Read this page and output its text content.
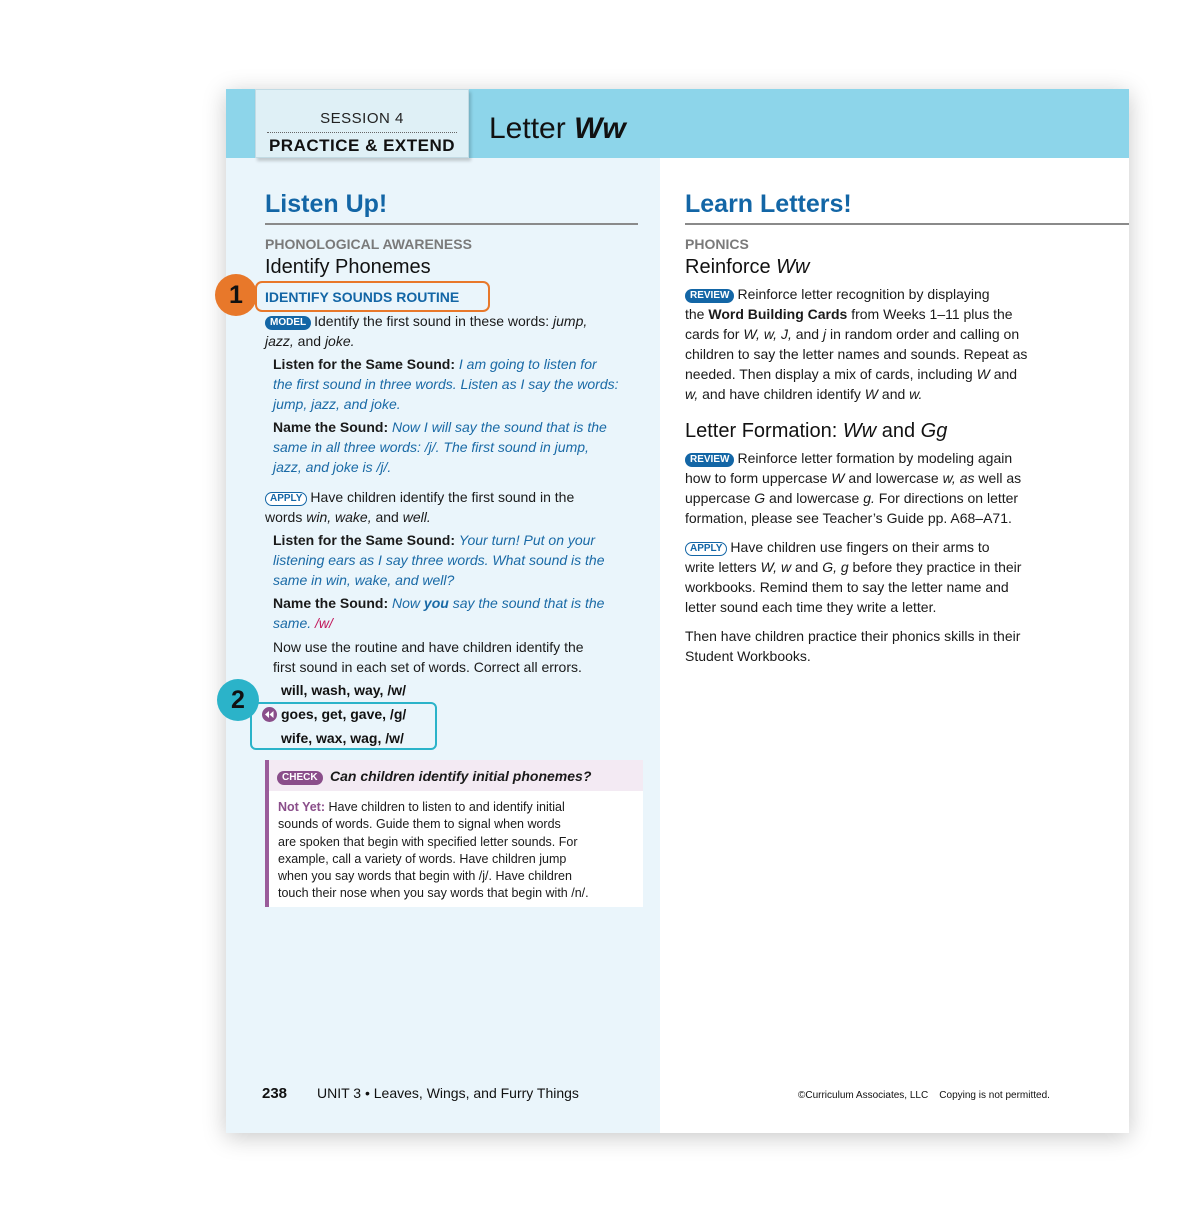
SESSION 4
PRACTICE & EXTEND
Letter Ww
Listen Up!
PHONOLOGICAL AWARENESS
Identify Phonemes
1	IDENTIFY SOUNDS ROUTINE
MODEL Identify the first sound in these words: jump,
jazz, and joke.
Listen for the Same Sound: I am going to listen for
the first sound in three words. Listen as I say the words:
jump, jazz, and joke.
Name the Sound: Now I will say the sound that is the
same in all three words: /j/. The first sound in jump,
jazz, and joke is /j/.
APPLY Have children identify the first sound in the
words win, wake, and well.
Listen for the Same Sound: Your turn! Put on your
listening ears as I say three words. What sound is the
same in win, wake, and well?
Name the Sound: Now you say the sound that is the
same. /w/
Now use the routine and have children identify the
first sound in each set of words. Correct all errors.
will, wash, way, /w/
2	goes, get, gave, /g/
wife, wax, wag, /w/
CHECK Can children identify initial phonemes?
Not Yet: Have children to listen to and identify initial
sounds of words. Guide them to signal when words
are spoken that begin with specified letter sounds. For
example, call a variety of words. Have children jump
when you say words that begin with /j/. Have children
touch their nose when you say words that begin with /n/.
Learn Letters!
PHONICS
Reinforce Ww
REVIEW Reinforce letter recognition by displaying
the Word Building Cards from Weeks 1–11 plus the
cards for W, w, J, and j in random order and calling on
children to say the letter names and sounds. Repeat as
needed. Then display a mix of cards, including W and
w, and have children identify W and w.
Letter Formation: Ww and Gg
REVIEW Reinforce letter formation by modeling again
how to form uppercase W and lowercase w, as well as
uppercase G and lowercase g. For directions on letter
formation, please see Teacher’s Guide pp. A68–A71.
APPLY Have children use fingers on their arms to
write letters W, w and G, g before they practice in their
workbooks. Remind them to say the letter name and
letter sound each time they write a letter.
Then have children practice their phonics skills in their
Student Workbooks.
238 UNIT 3 • Leaves, Wings, and Furry Things	©Curriculum Associates, LLC    Copying is not permitted.
